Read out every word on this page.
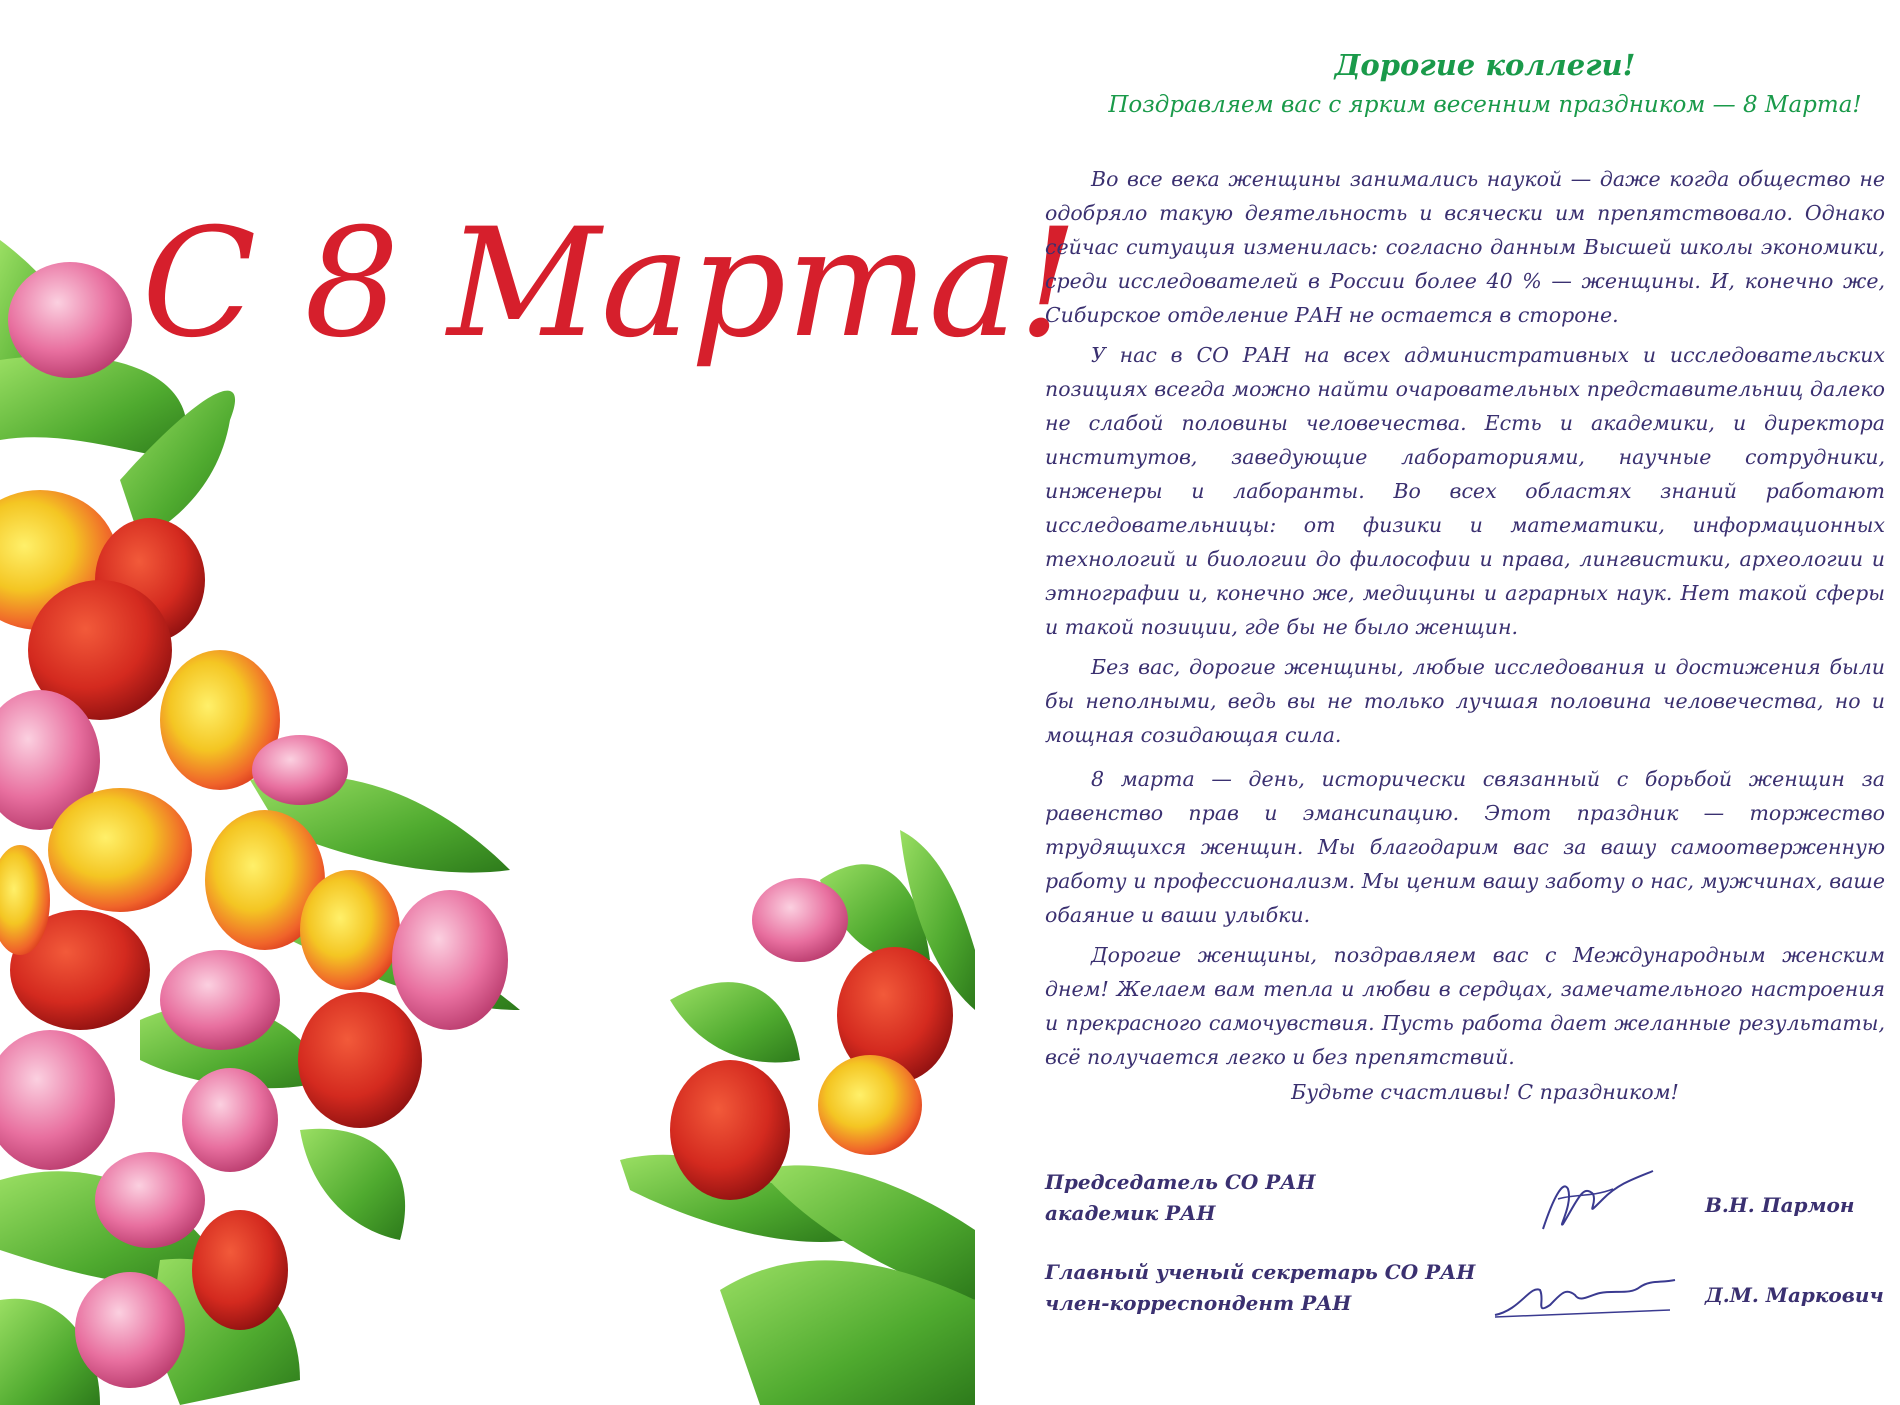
С 8 Марта!
Дорогие коллеги!

Поздравляем вас с ярким весенним праздником — 8 Марта!

Во все века женщины занимались наукой — даже когда общество не одобряло такую деятельность и всячески им препятствовало. Однако сейчас ситуация изменилась: согласно данным Высшей школы экономики, среди исследователей в России более 40 % — женщины. И, конечно же, Сибирское отделение РАН не остается в стороне.

У нас в СО РАН на всех административных и исследовательских позициях всегда можно найти очаровательных представительниц далеко не слабой половины человечества. Есть и академики, и директора институтов, заведующие лабораториями, научные сотрудники, инженеры и лаборанты. Во всех областях знаний работают исследовательницы: от физики и математики, информационных технологий и биологии до философии и права, лингвистики, археологии и этнографии и, конечно же, медицины и аграрных наук. Нет такой сферы и такой позиции, где бы не было женщин.

Без вас, дорогие женщины, любые исследования и достижения были бы неполными, ведь вы не только лучшая половина человечества, но и мощная созидающая сила.

8 марта — день, исторически связанный с борьбой женщин за равенство прав и эмансипацию. Этот праздник — торжество трудящихся женщин. Мы благодарим вас за вашу самоотверженную работу и профессионализм. Мы ценим вашу заботу о нас, мужчинах, ваше обаяние и ваши улыбки.

Дорогие женщины, поздравляем вас с Международным женским днем! Желаем вам тепла и любви в сердцах, замечательного настроения и прекрасного самочувствия. Пусть работа дает желанные результаты, всё получается легко и без препятствий.

Будьте счастливы! С праздником!

Председатель СО РАН
академик РАН	В.Н. Пармон
Главный ученый секретарь СО РАН
член-корреспондент РАН	Д.М. Маркович
